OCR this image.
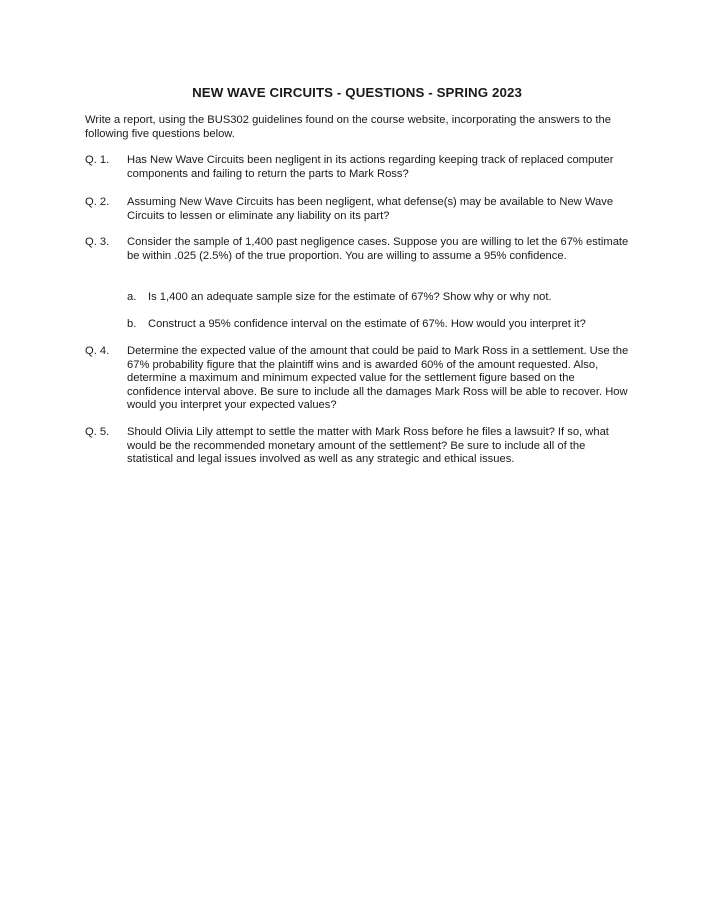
NEW WAVE CIRCUITS - QUESTIONS - SPRING 2023
Write a report, using the BUS302 guidelines found on the course website, incorporating the answers to the following five questions below.
Q. 1.	Has New Wave Circuits been negligent in its actions regarding keeping track of replaced computer components and failing to return the parts to Mark Ross?
Q. 2.	Assuming New Wave Circuits has been negligent, what defense(s) may be available to New Wave Circuits to lessen or eliminate any liability on its part?
Q. 3.	Consider the sample of 1,400 past negligence cases. Suppose you are willing to let the 67% estimate be within .025 (2.5%) of the true proportion. You are willing to assume a 95% confidence.
a. Is 1,400 an adequate sample size for the estimate of 67%? Show why or why not.
b. Construct a 95% confidence interval on the estimate of 67%. How would you interpret it?
Q. 4.	Determine the expected value of the amount that could be paid to Mark Ross in a settlement. Use the 67% probability figure that the plaintiff wins and is awarded 60% of the amount requested. Also, determine a maximum and minimum expected value for the settlement figure based on the confidence interval above. Be sure to include all the damages Mark Ross will be able to recover. How would you interpret your expected values?
Q. 5.	Should Olivia Lily attempt to settle the matter with Mark Ross before he files a lawsuit? If so, what would be the recommended monetary amount of the settlement? Be sure to include all of the statistical and legal issues involved as well as any strategic and ethical issues.
